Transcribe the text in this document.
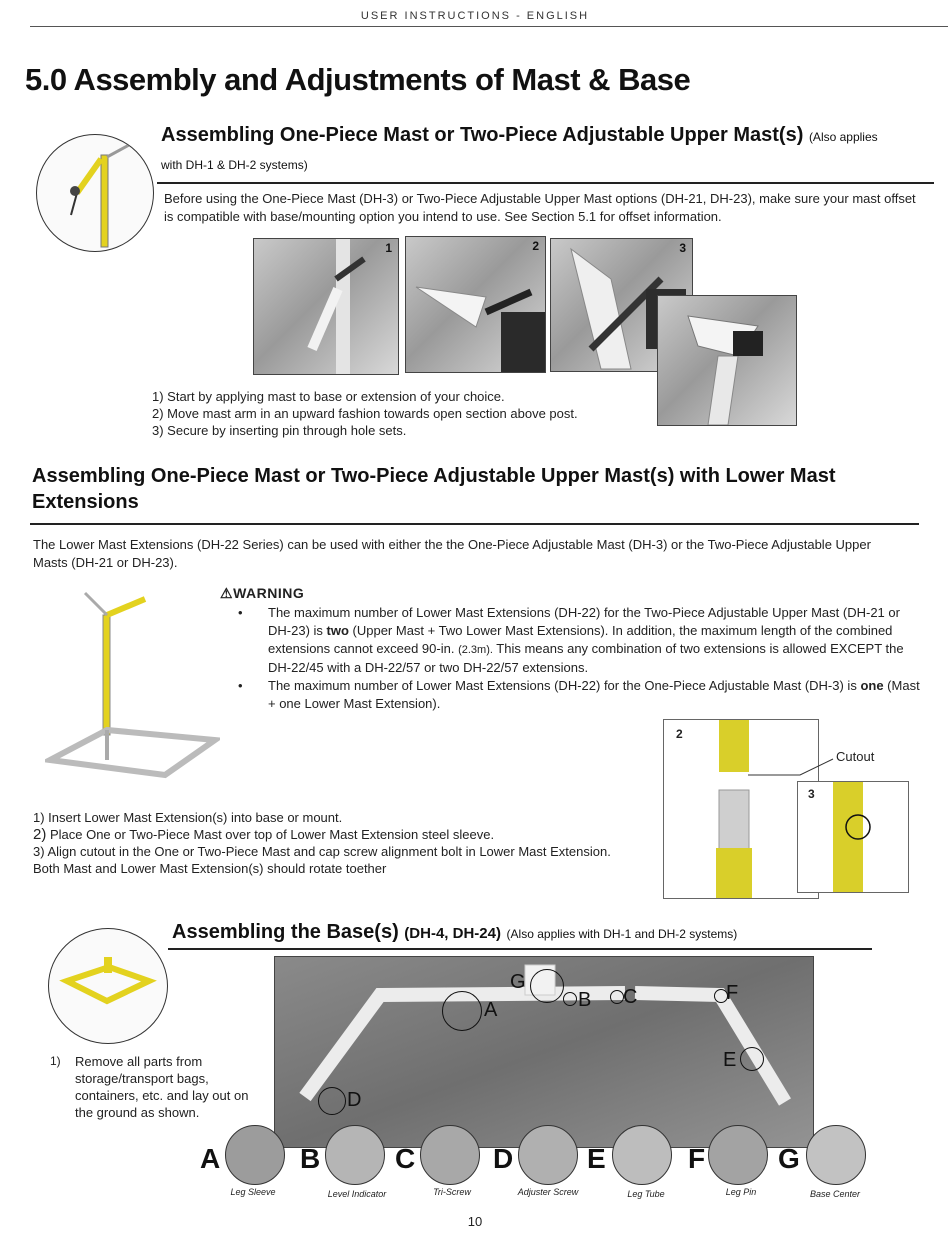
USER INSTRUCTIONS - ENGLISH
5.0 Assembly and Adjustments of Mast & Base
Assembling One-Piece Mast or Two-Piece Adjustable Upper Mast(s) (Also applies with DH-1 & DH-2 systems)
Before using the One-Piece Mast (DH-3) or Two-Piece Adjustable Upper Mast options (DH-21, DH-23), make sure your mast offset is compatible with base/mounting option you intend to use. See Section 5.1 for offset information.
1	2	3
1) Start by applying mast to base or extension of your choice.
2) Move mast arm in an upward fashion towards open section above post.
3) Secure by inserting pin through hole sets.
Assembling One-Piece Mast or Two-Piece Adjustable Upper Mast(s) with Lower Mast Extensions
The Lower Mast Extensions (DH-22 Series) can be used with either the the One-Piece Adjustable Mast (DH-3) or the Two-Piece Adjustable Upper Masts (DH-21 or DH-23).
⚠WARNING
• The maximum number of Lower Mast Extensions (DH-22) for the Two-Piece Adjustable Upper Mast (DH-21 or DH-23) is two (Upper Mast + Two Lower Mast Extensions). In addition, the maximum length of the combined extensions cannot exceed 90-in. (2.3m). This means any combination of two extensions is allowed EXCEPT the DH-22/45 with a DH-22/57 or two DH-22/57 extensions.
• The maximum number of Lower Mast Extensions (DH-22) for the One-Piece Adjustable Mast (DH-3) is one (Mast + one Lower Mast Extension).
2
Cutout
3
1) Insert Lower Mast Extension(s) into base or mount.
2) Place One or Two-Piece Mast over top of Lower Mast Extension steel sleeve.
3) Align cutout in the One or Two-Piece Mast and cap screw alignment bolt in Lower Mast Extension. Both Mast and Lower Mast Extension(s) should rotate toether
Assembling the Base(s) (DH-4, DH-24) (Also applies with DH-1 and DH-2 systems)
1) Remove all parts from storage/transport bags, containers, etc. and lay out on the ground as shown.
G
B C	F
A
E
D
A
Leg Sleeve
B
Level Indicator
C
Tri-Screw
D
Adjuster Screw
E
Leg Tube
F
Leg Pin
G
Base Center
10
